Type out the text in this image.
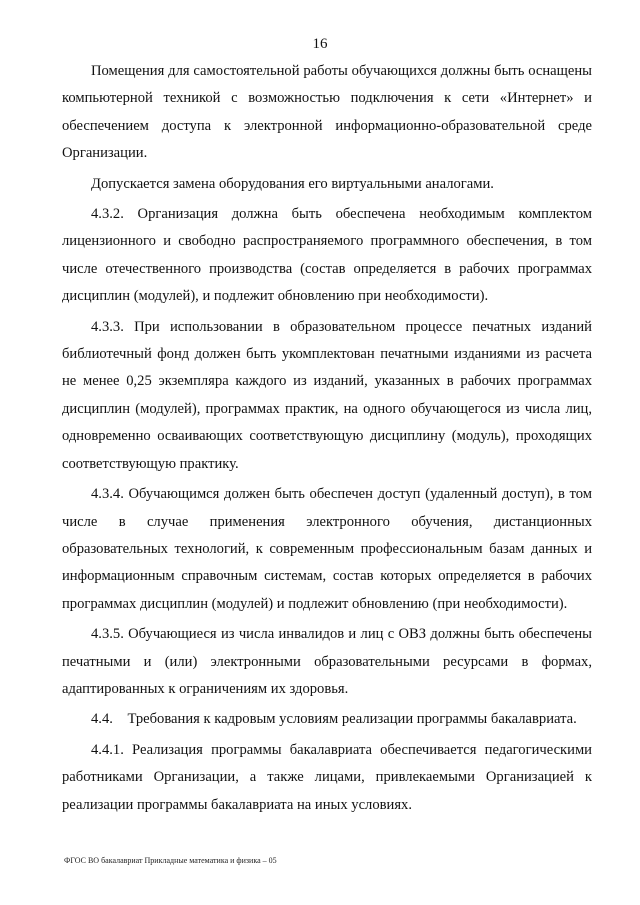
16

Помещения для самостоятельной работы обучающихся должны быть оснащены компьютерной техникой с возможностью подключения к сети «Интернет» и обеспечением доступа к электронной информационно-образовательной среде Организации.

Допускается замена оборудования его виртуальными аналогами.

4.3.2. Организация должна быть обеспечена необходимым комплектом лицензионного и свободно распространяемого программного обеспечения, в том числе отечественного производства (состав определяется в рабочих программах дисциплин (модулей), и подлежит обновлению при необходимости).

4.3.3. При использовании в образовательном процессе печатных изданий библиотечный фонд должен быть укомплектован печатными изданиями из расчета не менее 0,25 экземпляра каждого из изданий, указанных в рабочих программах дисциплин (модулей), программах практик, на одного обучающегося из числа лиц, одновременно осваивающих соответствующую дисциплину (модуль), проходящих соответствующую практику.

4.3.4. Обучающимся должен быть обеспечен доступ (удаленный доступ), в том числе в случае применения электронного обучения, дистанционных образовательных технологий, к современным профессиональным базам данных и информационным справочным системам, состав которых определяется в рабочих программах дисциплин (модулей) и подлежит обновлению (при необходимости).

4.3.5. Обучающиеся из числа инвалидов и лиц с ОВЗ должны быть обеспечены печатными и (или) электронными образовательными ресурсами в формах, адаптированных к ограничениям их здоровья.

4.4. Требования к кадровым условиям реализации программы бакалавриата.

4.4.1. Реализация программы бакалавриата обеспечивается педагогическими работниками Организации, а также лицами, привлекаемыми Организацией к реализации программы бакалавриата на иных условиях.

ФГОС ВО бакалавриат Прикладные математика и физика – 05
